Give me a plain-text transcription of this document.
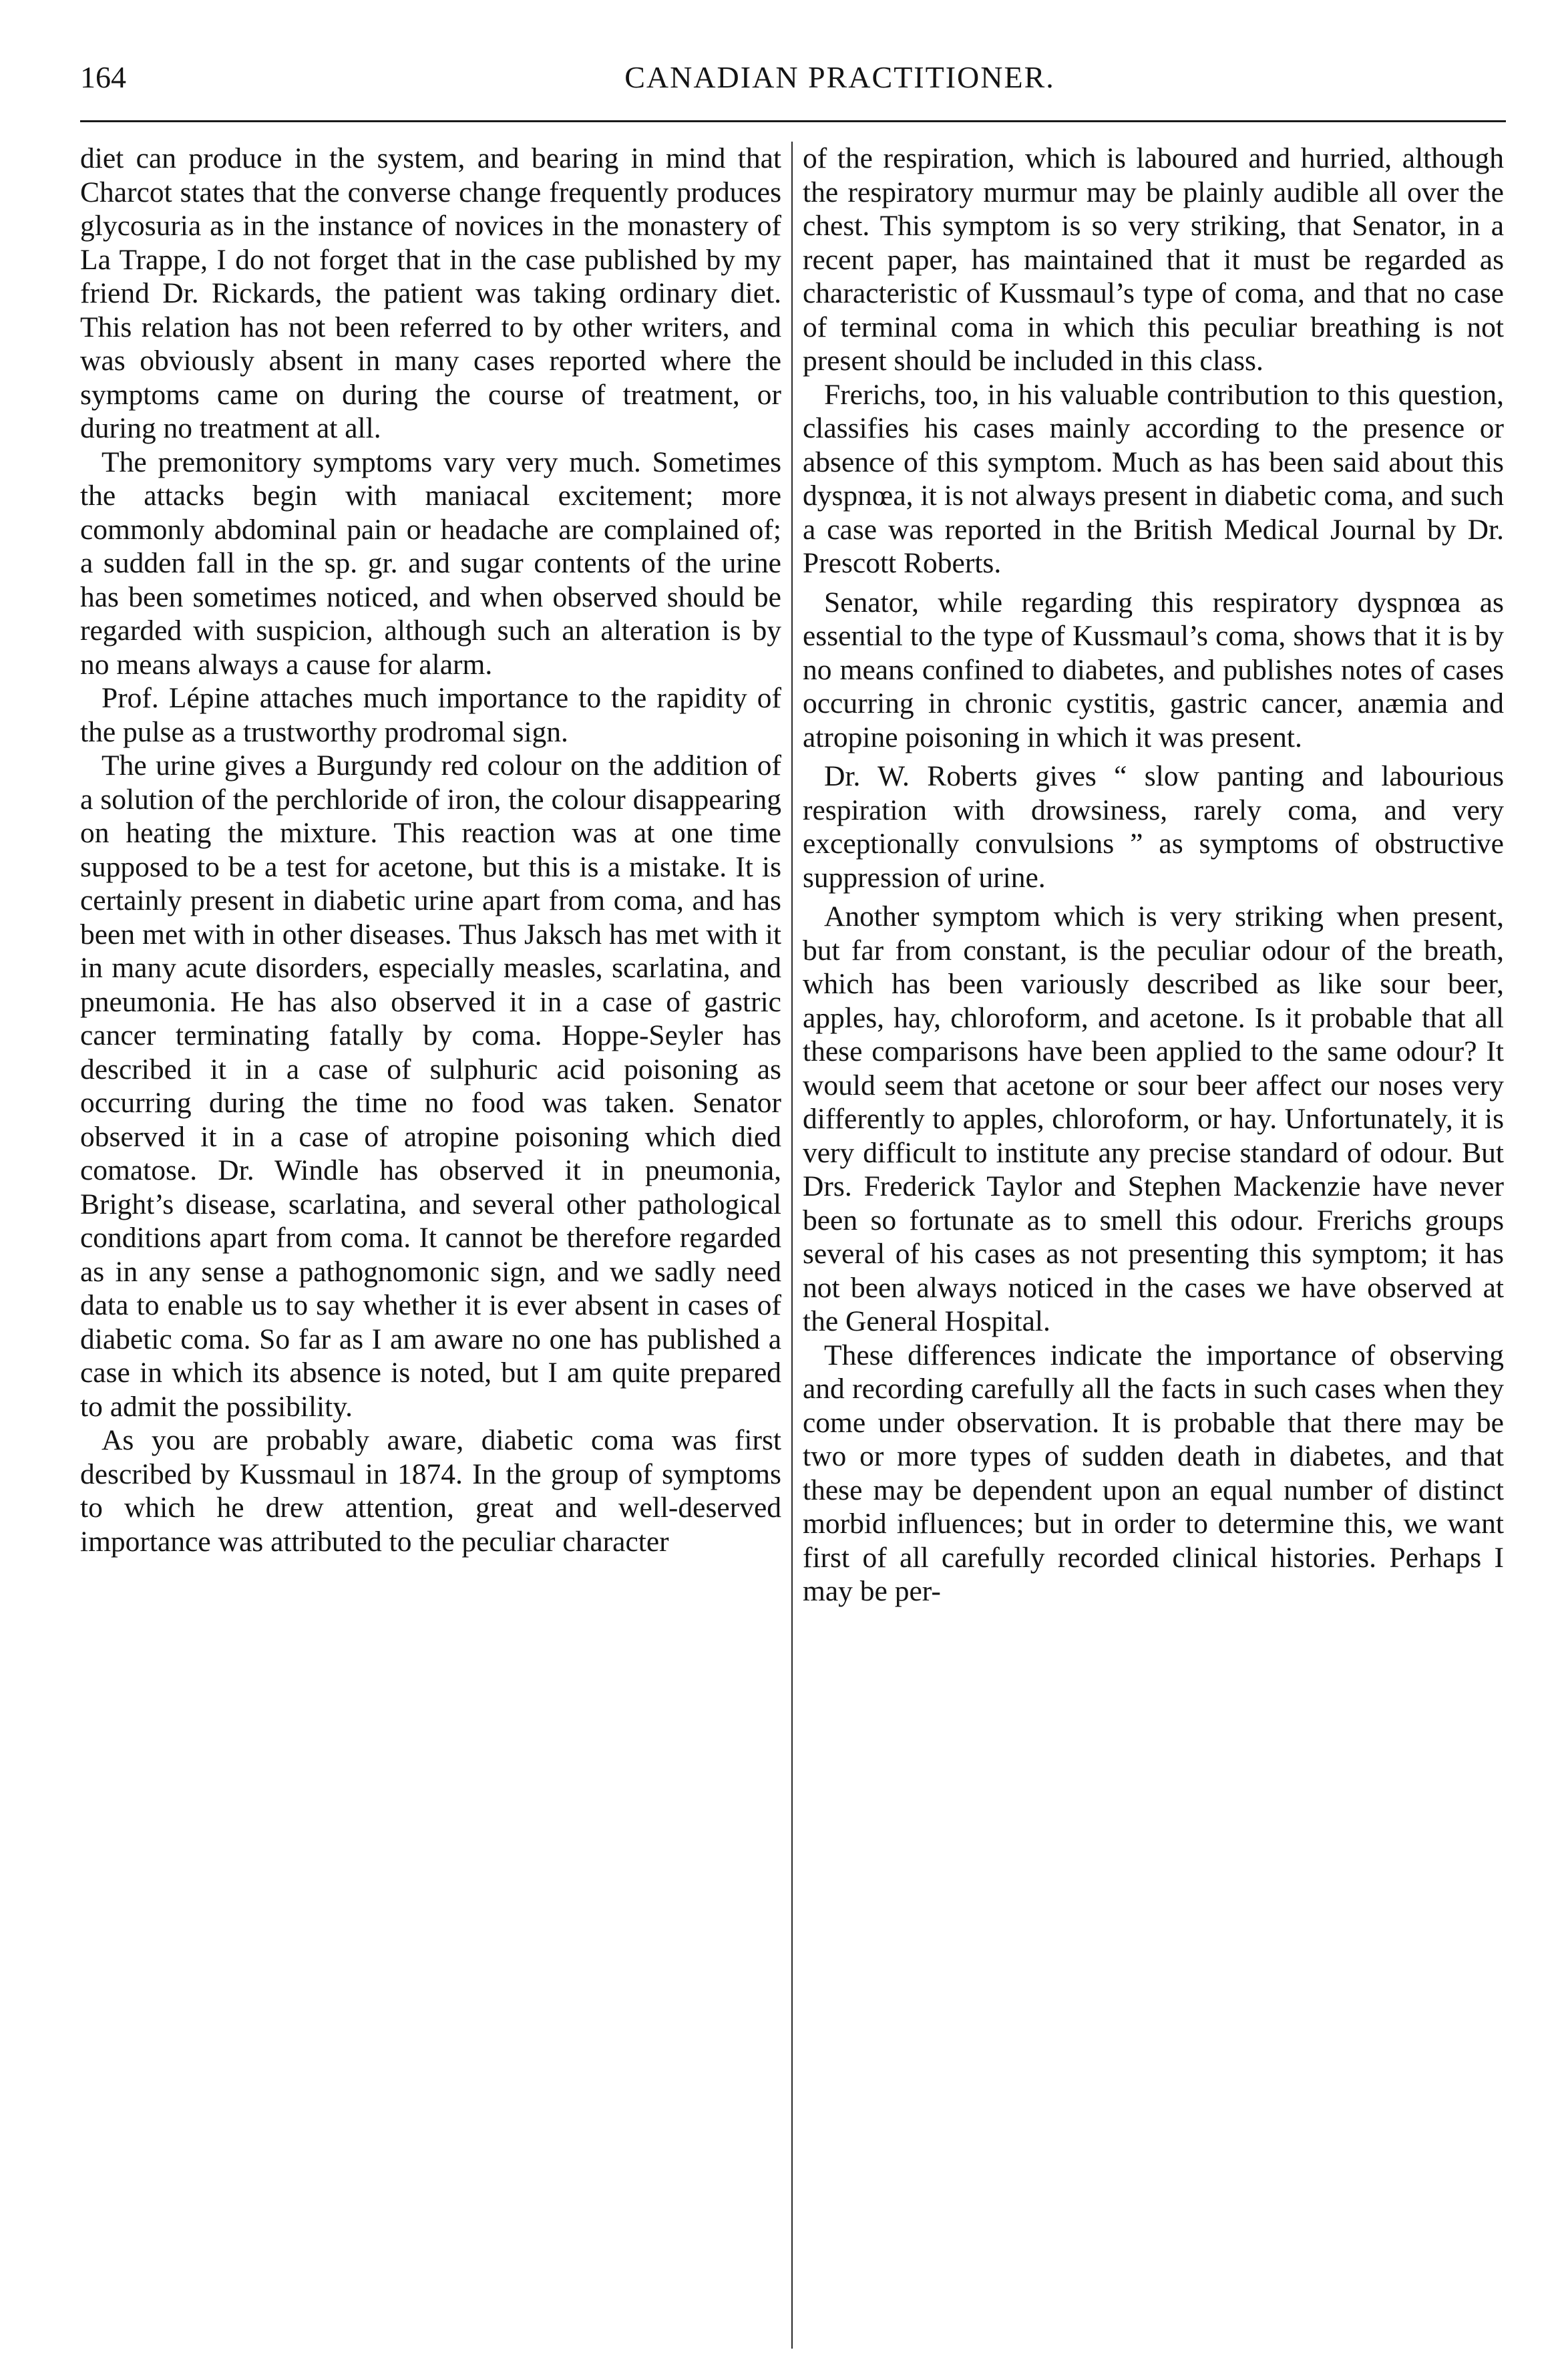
164	CANADIAN PRACTITIONER.

diet can produce in the system, and bearing in mind that Charcot states that the converse change frequently produces glycosuria as in the instance of novices in the monastery of La Trappe, I do not forget that in the case published by my friend Dr. Rickards, the patient was taking ordinary diet. This relation has not been referred to by other writers, and was obviously absent in many cases reported where the symptoms came on during the course of treatment, or during no treatment at all.

The premonitory symptoms vary very much. Sometimes the attacks begin with maniacal excitement; more commonly abdominal pain or headache are complained of; a sudden fall in the sp. gr. and sugar contents of the urine has been sometimes noticed, and when observed should be regarded with suspicion, although such an alteration is by no means always a cause for alarm.

Prof. Lépine attaches much importance to the rapidity of the pulse as a trustworthy prodromal sign.

The urine gives a Burgundy red colour on the addition of a solution of the perchloride of iron, the colour disappearing on heating the mixture. This reaction was at one time supposed to be a test for acetone, but this is a mistake. It is certainly present in diabetic urine apart from coma, and has been met with in other diseases. Thus Jaksch has met with it in many acute disorders, especially measles, scarlatina, and pneumonia. He has also observed it in a case of gastric cancer terminating fatally by coma. Hoppe-Seyler has described it in a case of sulphuric acid poisoning as occurring during the time no food was taken. Senator observed it in a case of atropine poisoning which died comatose. Dr. Windle has observed it in pneumonia, Bright’s disease, scarlatina, and several other pathological conditions apart from coma. It cannot be therefore regarded as in any sense a pathognomonic sign, and we sadly need data to enable us to say whether it is ever absent in cases of diabetic coma. So far as I am aware no one has published a case in which its absence is noted, but I am quite prepared to admit the possibility.

As you are probably aware, diabetic coma was first described by Kussmaul in 1874. In the group of symptoms to which he drew attention, great and well-deserved importance was attributed to the peculiar character

of the respiration, which is laboured and hurried, although the respiratory murmur may be plainly audible all over the chest. This symptom is so very striking, that Senator, in a recent paper, has maintained that it must be regarded as characteristic of Kussmaul’s type of coma, and that no case of terminal coma in which this peculiar breathing is not present should be included in this class.

Frerichs, too, in his valuable contribution to this question, classifies his cases mainly according to the presence or absence of this symptom. Much as has been said about this dyspnœa, it is not always present in diabetic coma, and such a case was reported in the British Medical Journal by Dr. Prescott Roberts.

Senator, while regarding this respiratory dyspnœa as essential to the type of Kussmaul’s coma, shows that it is by no means confined to diabetes, and publishes notes of cases occurring in chronic cystitis, gastric cancer, anæmia and atropine poisoning in which it was present.

Dr. W. Roberts gives “ slow panting and labourious respiration with drowsiness, rarely coma, and very exceptionally convulsions ” as symptoms of obstructive suppression of urine.

Another symptom which is very striking when present, but far from constant, is the peculiar odour of the breath, which has been variously described as like sour beer, apples, hay, chloroform, and acetone. Is it probable that all these comparisons have been applied to the same odour? It would seem that acetone or sour beer affect our noses very differently to apples, chloroform, or hay. Unfortunately, it is very difficult to institute any precise standard of odour. But Drs. Frederick Taylor and Stephen Mackenzie have never been so fortunate as to smell this odour. Frerichs groups several of his cases as not presenting this symptom; it has not been always noticed in the cases we have observed at the General Hospital.

These differences indicate the importance of observing and recording carefully all the facts in such cases when they come under observation. It is probable that there may be two or more types of sudden death in diabetes, and that these may be dependent upon an equal number of distinct morbid influences; but in order to determine this, we want first of all carefully recorded clinical histories. Perhaps I may be per-
